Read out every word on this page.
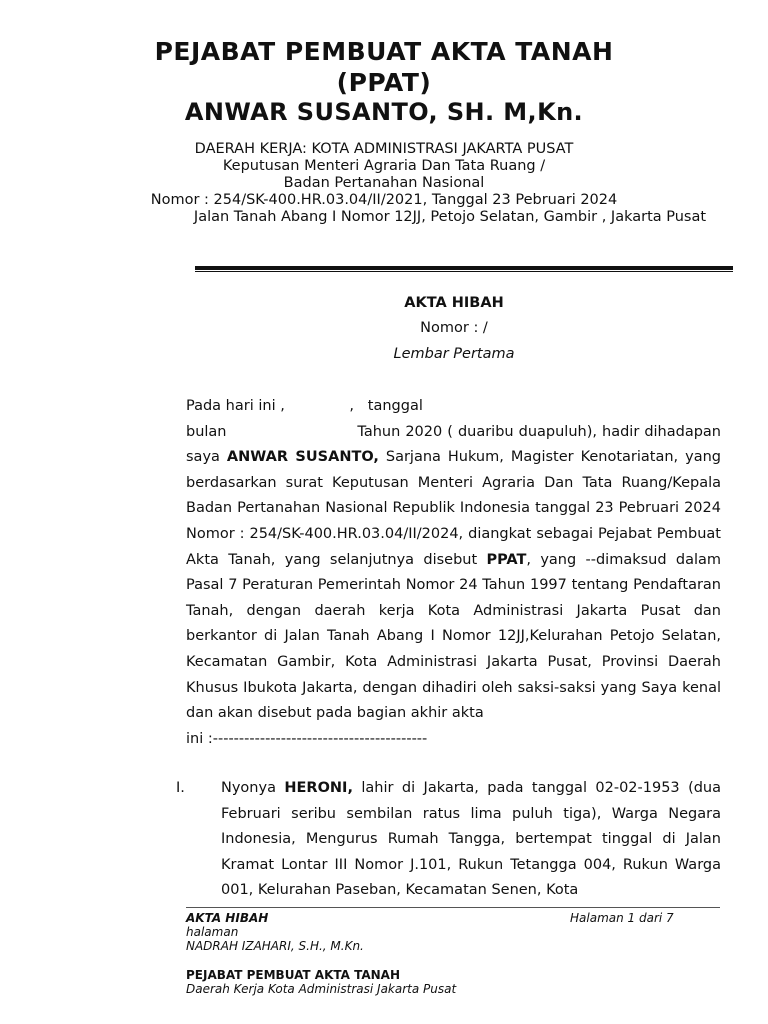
PEJABAT PEMBUAT AKTA TANAH
(PPAT)
ANWAR SUSANTO, SH. M,Kn.
DAERAH KERJA: KOTA ADMINISTRASI JAKARTA PUSAT
Keputusan Menteri Agraria Dan Tata Ruang /
Badan Pertanahan Nasional
Nomor : 254/SK-400.HR.03.04/II/2021, Tanggal 23 Pebruari 2024
Jalan Tanah Abang I Nomor 12JJ, Petojo Selatan, Gambir , Jakarta Pusat
AKTA HIBAH
Nomor : /
Lembar Pertama

Pada hari ini ,              ,   tanggal

bulan                          Tahun 2020 ( duaribu duapuluh), hadir dihadapan saya ANWAR SUSANTO, Sarjana Hukum, Magister Kenotariatan, yang berdasarkan surat Keputusan Menteri Agraria Dan Tata Ruang/Kepala Badan Pertanahan Nasional Republik Indonesia tanggal 23 Pebruari 2024 Nomor : 254/SK-400.HR.03.04/II/2024, diangkat sebagai Pejabat Pembuat Akta Tanah, yang selanjutnya disebut PPAT, yang --dimaksud dalam Pasal 7 Peraturan Pemerintah Nomor 24 Tahun 1997 tentang Pendaftaran Tanah, dengan daerah kerja Kota Administrasi Jakarta Pusat dan berkantor di Jalan Tanah Abang I Nomor 12JJ,Kelurahan Petojo Selatan, Kecamatan Gambir, Kota Administrasi Jakarta Pusat, Provinsi Daerah Khusus Ibukota Jakarta, dengan dihadiri oleh saksi-saksi yang Saya kenal dan akan disebut pada bagian akhir akta

ini :-----------------------------------------

I. Nyonya HERONI, lahir di Jakarta, pada tanggal 02-02-1953 (dua Februari seribu sembilan ratus lima puluh tiga), Warga Negara Indonesia, Mengurus Rumah Tangga, bertempat tinggal di Jalan Kramat Lontar III Nomor J.101, Rukun Tetangga 004, Rukun Warga 001, Kelurahan Paseban, Kecamatan Senen, Kota
AKTA HIBAH	Halaman 1 dari 7
halaman
NADRAH IZAHARI, S.H., M.Kn.
PEJABAT PEMBUAT AKTA TANAH
Daerah Kerja Kota Administrasi Jakarta Pusat
